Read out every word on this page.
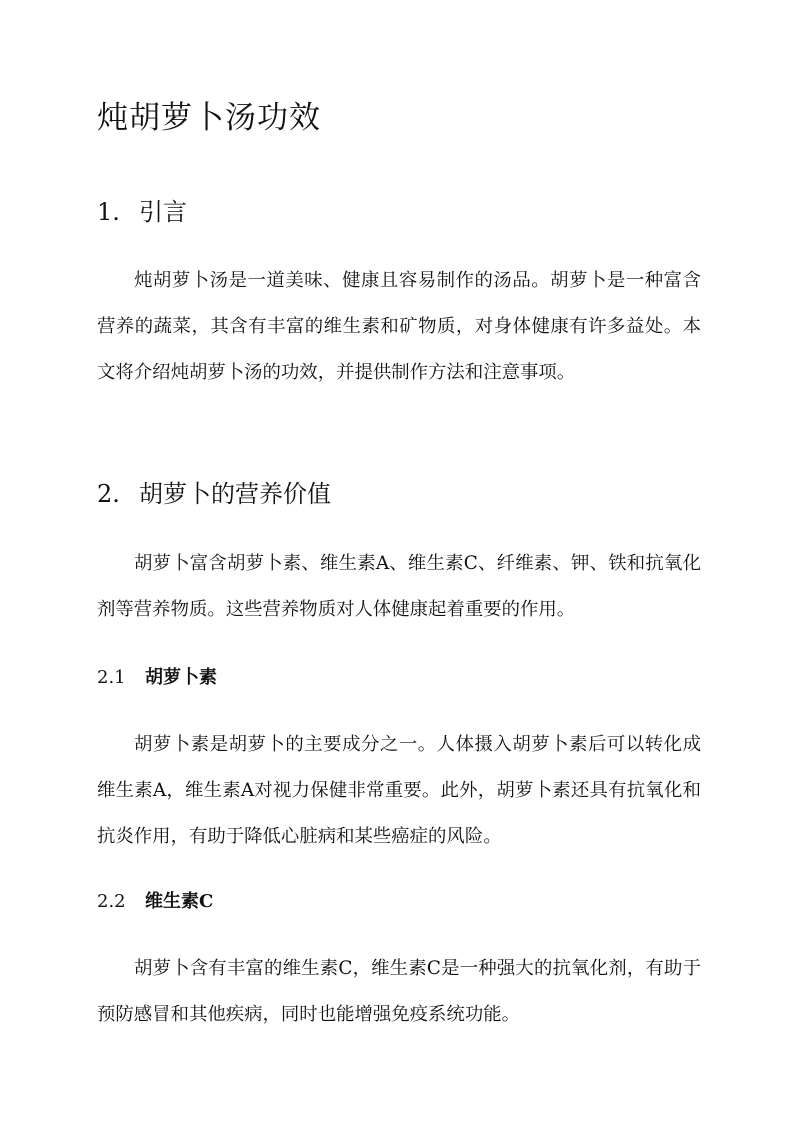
炖胡萝卜汤功效
1. 引言

炖胡萝卜汤是一道美味、健康且容易制作的汤品。胡萝卜是一种富含营养的蔬菜，其含有丰富的维生素和矿物质，对身体健康有许多益处。本文将介绍炖胡萝卜汤的功效，并提供制作方法和注意事项。

2. 胡萝卜的营养价值

胡萝卜富含胡萝卜素、维生素A、维生素C、纤维素、钾、铁和抗氧化剂等营养物质。这些营养物质对人体健康起着重要的作用。

2.1 胡萝卜素

胡萝卜素是胡萝卜的主要成分之一。人体摄入胡萝卜素后可以转化成维生素A，维生素A对视力保健非常重要。此外，胡萝卜素还具有抗氧化和抗炎作用，有助于降低心脏病和某些癌症的风险。

2.2 维生素C

胡萝卜含有丰富的维生素C，维生素C是一种强大的抗氧化剂，有助于预防感冒和其他疾病，同时也能增强免疫系统功能。
